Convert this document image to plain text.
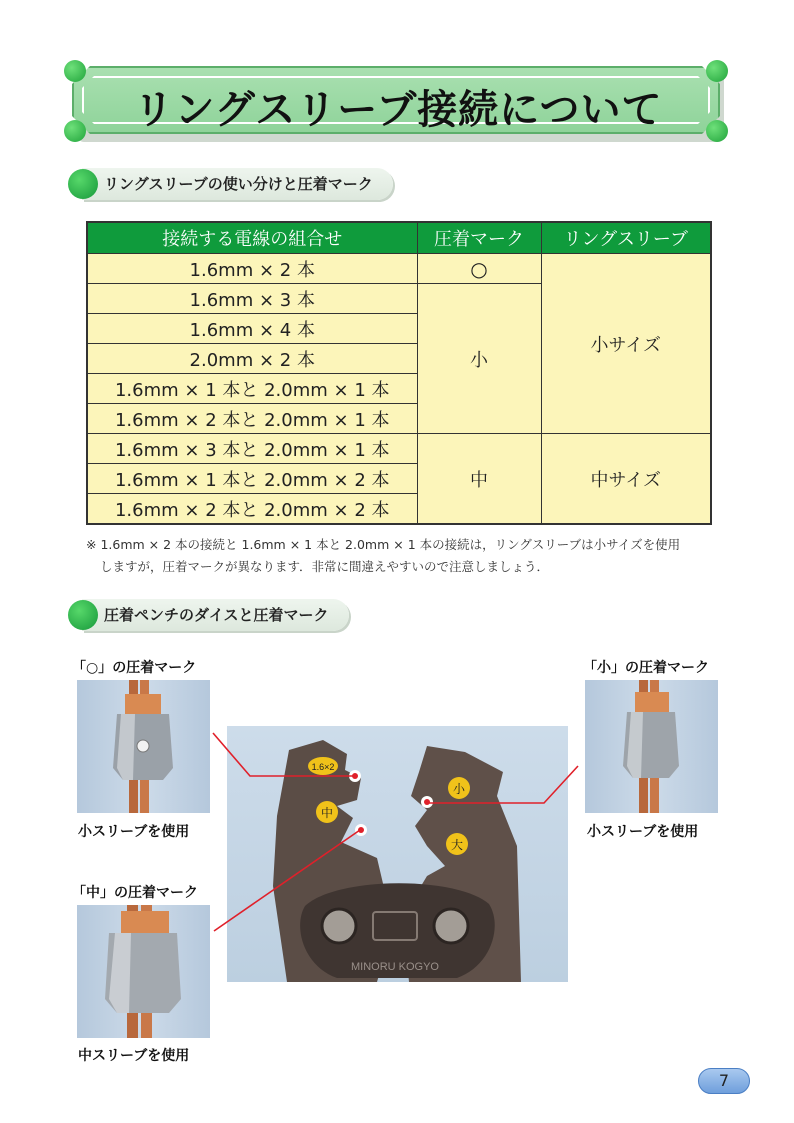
リングスリーブ接続について
リングスリーブの使い分けと圧着マーク
接続する電線の組合せ	圧着マーク	リングスリーブ
1.6mm × 2 本	○	小サイズ
1.6mm × 3 本	小	
1.6mm × 4 本		
2.0mm × 2 本		
1.6mm × 1 本と 2.0mm × 1 本		
1.6mm × 2 本と 2.0mm × 1 本		
1.6mm × 3 本と 2.0mm × 1 本	中	中サイズ
1.6mm × 1 本と 2.0mm × 2 本		
1.6mm × 2 本と 2.0mm × 2 本		
※ 1.6mm × 2 本の接続と 1.6mm × 1 本と 2.0mm × 1 本の接続は，リングスリーブは小サイズを使用
しますが，圧着マークが異なります．非常に間違えやすいので注意しましょう．
圧着ペンチのダイスと圧着マーク
「○」の圧着マーク
小スリーブを使用
「中」の圧着マーク
中スリーブを使用
「小」の圧着マーク
小スリーブを使用
1.6×2
中
小
大
MINORU KOGYO
7
